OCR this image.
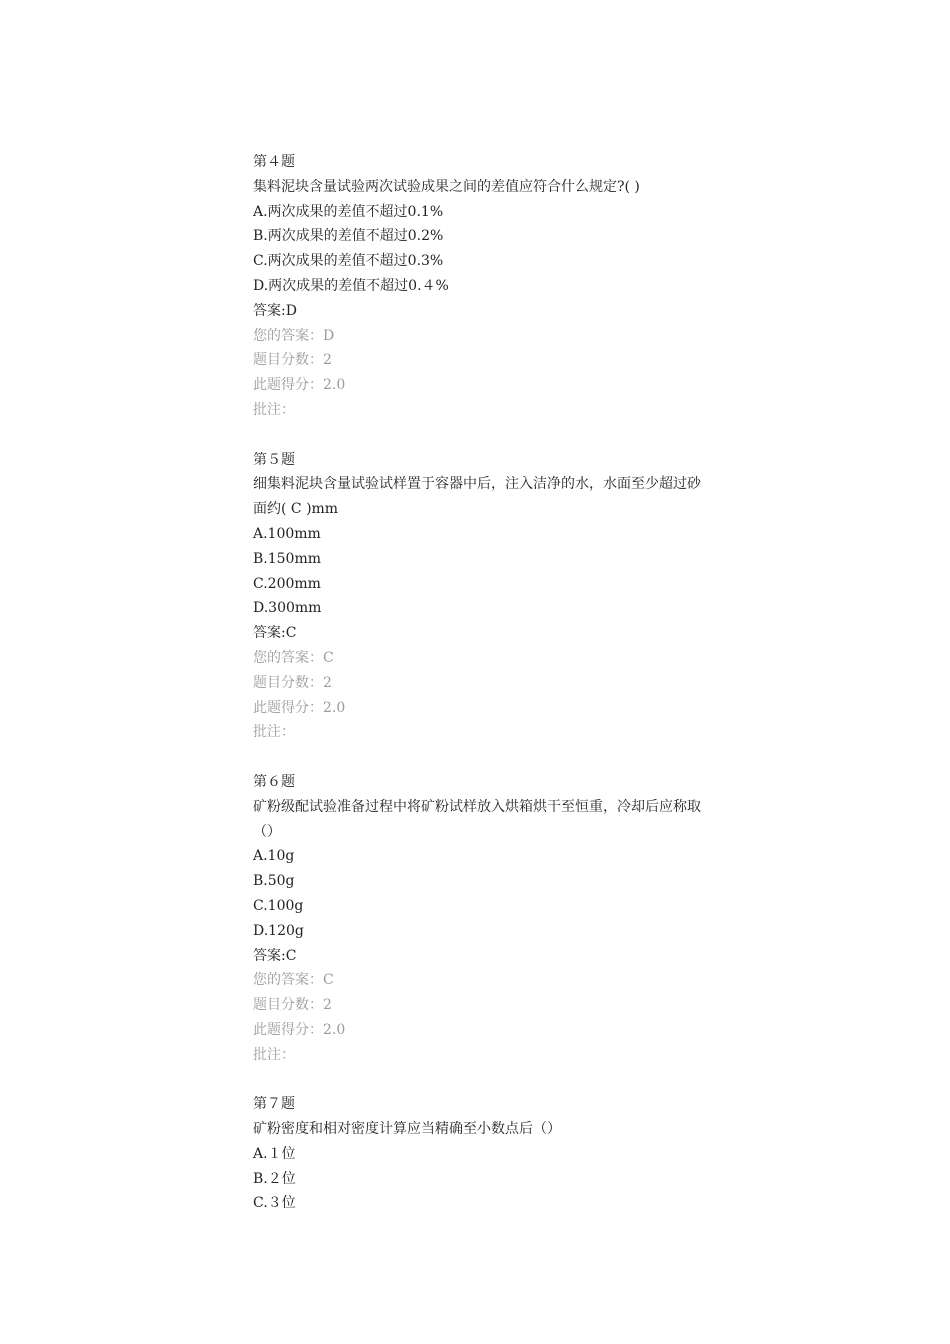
第４题
集料泥块含量试验两次试验成果之间的差值应符合什么规定?( )
A.两次成果的差值不超过0.1%
B.两次成果的差值不超过0.2%
C.两次成果的差值不超过0.3%
D.两次成果的差值不超过0.４%
答案:D
您的答案：D
题目分数：2
此题得分：2.0
批注：
第５题
细集料泥块含量试验试样置于容器中后，注入洁净的水，水面至少超过砂面约( C )mm
A.100mm
B.150mm
C.200mm
D.300mm
答案:C
您的答案：C
题目分数：2
此题得分：2.0
批注：
第６题
矿粉级配试验准备过程中将矿粉试样放入烘箱烘干至恒重，冷却后应称取（）
A.10g
B.50g
C.100g
D.120g
答案:C
您的答案：C
题目分数：2
此题得分：2.0
批注：
第７题
矿粉密度和相对密度计算应当精确至小数点后（）
A.１位
B.２位
C.３位
